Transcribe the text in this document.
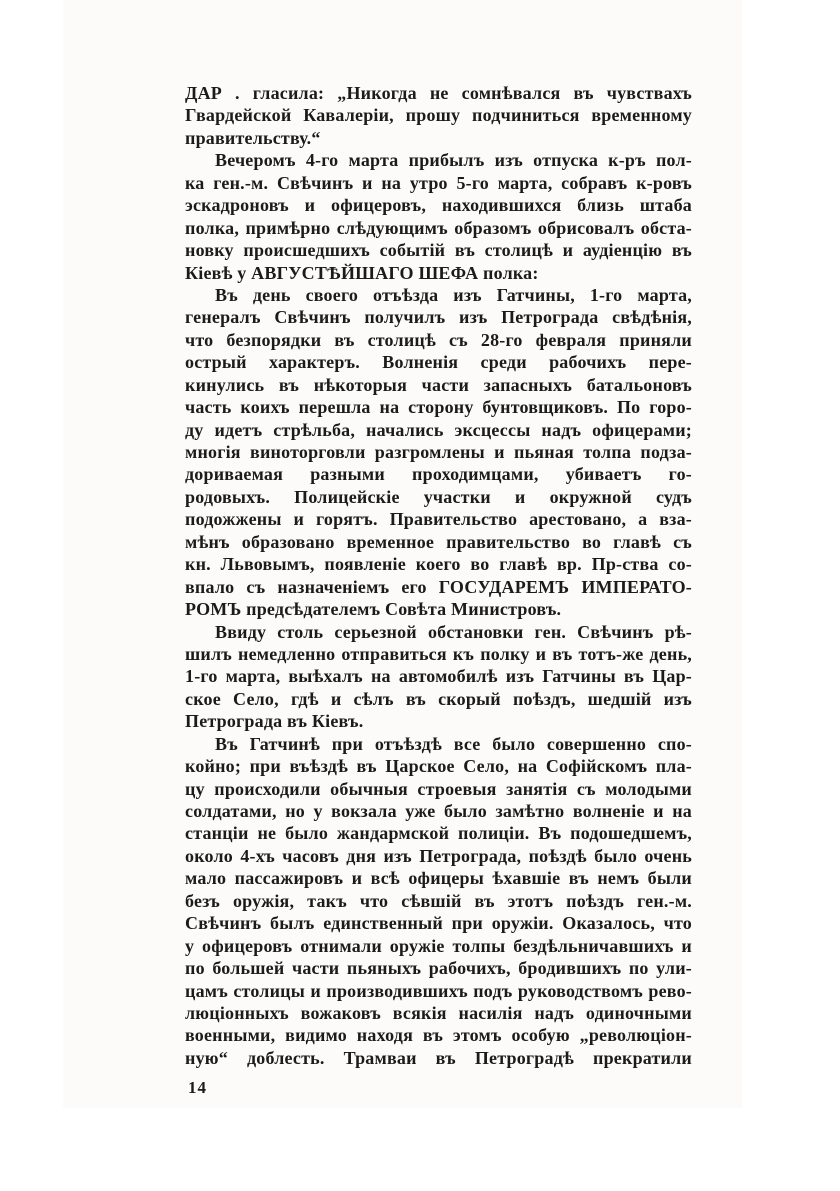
ДАР . гласила: „Никогда не сомнѣвался въ чувствахъ
Гвардейской Кавалеріи, прошу подчиниться временному
правительству.“
Вечеромъ 4-го марта прибылъ изъ отпуска к-ръ пол-
ка ген.-м. Свѣчинъ и на утро 5-го марта, собравъ к-ровъ
эскадроновъ и офицеровъ, находившихся близь штаба
полка, примѣрно слѣдующимъ образомъ обрисовалъ обста-
новку происшедшихъ событій въ столицѣ и аудіенцію въ
Кіевѣ у АВГУСТѢЙШАГО ШЕФА полка:
Въ день своего отъѣзда изъ Гатчины, 1-го марта,
генералъ Свѣчинъ получилъ изъ Петрограда свѣдѣнія,
что безпорядки въ столицѣ съ 28-го февраля приняли
острый характеръ. Волненія среди рабочихъ пере-
кинулись въ нѣкоторыя части запасныхъ батальоновъ
часть коихъ перешла на сторону бунтовщиковъ. По горо-
ду идетъ стрѣльба, начались эксцессы надъ офицерами;
многія виноторговли разгромлены и пьяная толпа подза-
дориваемая разными проходимцами, убиваетъ го-
родовыхъ. Полицейскіе участки и окружной судъ
подожжены и горятъ. Правительство арестовано, а вза-
мѣнъ образовано временное правительство во главѣ съ
кн. Львовымъ, появленіе коего во главѣ вр. Пр-ства со-
впало съ назначеніемъ его ГОСУДАРЕМЪ ИМПЕРАТО-
РОМЪ предсѣдателемъ Совѣта Министровъ.
Ввиду столь серьезной обстановки ген. Свѣчинъ рѣ-
шилъ немедленно отправиться къ полку и въ тотъ-же день,
1-го марта, выѣхалъ на автомобилѣ изъ Гатчины въ Цар-
ское Село, гдѣ и сѣлъ въ скорый поѣздъ, шедшій изъ
Петрограда въ Кіевъ.
Въ Гатчинѣ при отъѣздѣ все было совершенно спо-
койно; при въѣздѣ въ Царское Село, на Софійскомъ пла-
цу происходили обычныя строевыя занятія съ молодыми
солдатами, но у вокзала уже было замѣтно волненіе и на
станціи не было жандармской полиціи. Въ подошедшемъ,
около 4-хъ часовъ дня изъ Петрограда, поѣздѣ было очень
мало пассажировъ и всѣ офицеры ѣхавшіе въ немъ были
безъ оружія, такъ что сѣвшій въ этотъ поѣздъ ген.-м.
Свѣчинъ былъ единственный при оружіи. Оказалось, что
у офицеровъ отнимали оружіе толпы бездѣльничавшихъ и
по большей части пьяныхъ рабочихъ, бродившихъ по ули-
цамъ столицы и производившихъ подъ руководствомъ рево-
люціонныхъ вожаковъ всякія насилія надъ одиночными
военными, видимо находя въ этомъ особую „революціон-
ную“ доблесть. Трамваи въ Петроградѣ прекратили
14
